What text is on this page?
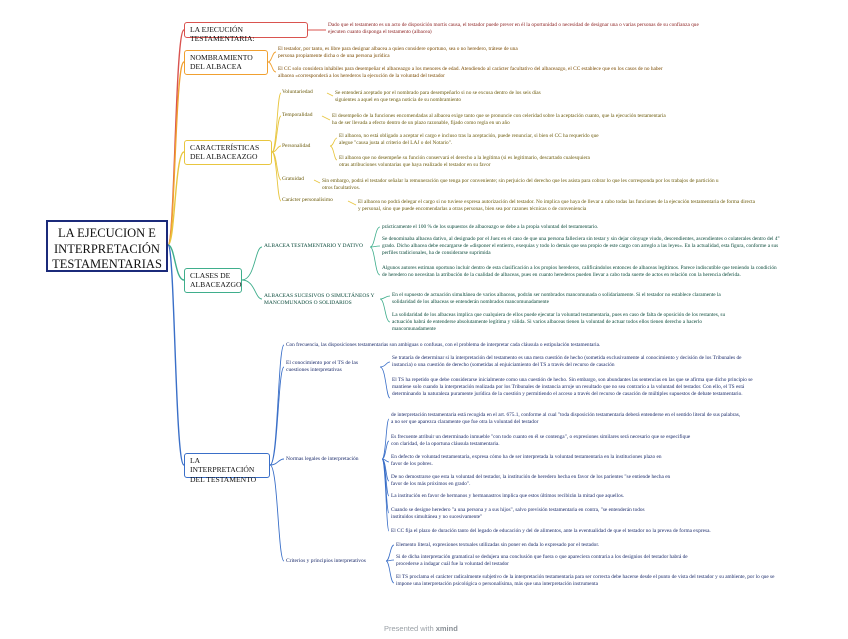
LA EJECUCION E
INTERPRETACIÓN
TESTAMENTARIAS
LA EJECUCIÓN TESTAMENTARIA:
Dado que el testamento es un acto de disposición mortis causa, el testador puede prever en él la oportunidad o necesidad de designar una o varias personas de su confianza que ejecuten cuanto disponga el testamento (albacea)
NOMBRAMIENTO
DEL ALBACEA
El testador, por tanto, es libre para designar albacea a quien considere oportuno, sea o no heredero, trátese de una persona propiamente dicha o de una persona jurídica
El CC solo considera inhábiles para desempeñar el albaceazgo a los menores de edad. Atendiendo al carácter facultativo del albaceazgo, el CC establece que en los casos de no haber albacea «corresponderá a los herederos la ejecución de la voluntad del testador
CARACTERÍSTICAS
DEL ALBACEAZGO
Voluntariedad	Se entenderá aceptado por el nombrado para desempeñarlo si no se excusa dentro de los seis días siguientes a aquel en que tenga noticia de su nombramiento
Temporalidad	El desempeño de la funciones encomendadas al albacea exige tanto que se pronuncie con celeridad sobre la aceptación cuanto, que la ejecución testamentaria ha de ser llevada a efecto dentro de un plazo razonable, fijado como regla en un año
Personalidad
El albacea, no está obligado a aceptar el cargo e incluso tras la aceptación, puede renunciar, si bien el CC ha requerido que alegue "causa justa al criterio del LAJ o del Notario".
El albacea que no desempeñe su función conservará el derecho a la legítima (si es legitimario, descartado cualesquiera otras atribuciones voluntarias que haya realizado el testador en su favor
Gratuidad	Sin embargo, podrá el testador señalar la remuneración que tenga por conveniente; sin perjuicio del derecho que les asista para cobrar lo que les corresponda por los trabajos de partición u otros facultativos.
Carácter personalísimo	El albacea no podrá delegar el cargo si no tuviese expresa autorización del testador. No implica que haya de llevar a cabo todas las funciones de la ejecución testamentaria de forma directa y personal, sino que puede encomendarlas a otras personas, bien sea por razones técnicas o de conveniencia
CLASES DE
ALBACEAZGO
ALBACEA TESTAMENTARIO Y DATIVO
prácticamente el 100 % de los supuestos de albaceazgo se debe a la propia voluntad del testamentario.
Se denominaba albacea dativo, al designado por el Juez en el caso de que una persona falleciera sin testar y sin dejar cónyuge viudo, descendientes, ascendientes o colaterales dentro del 4° grado. Dicho albacea debe encargarse de «disponer el entierro, exequias y todo lo demás que sea propio de este cargo con arreglo a las leyes». En la actualidad, esta figura, conforme a sus perfiles tradicionales, ha de considerarse suprimida
Algunos autores estiman oportuno incluir dentro de esta clasificación a los propios herederos, calificándolos entonces de albaceas legítimos. Parece indiscutible que teniendo la condición de heredero no necesitan la atribución de la cualidad de albaceas, pues en cuanto herederos pueden llevar a cabo toda suerte de actos en relación con la herencia deferida.
ALBACEAS SUCESIVOS O SIMULTÁNEOS Y MANCOMUNADOS O SOLIDARIOS
En el supuesto de actuación simultánea de varios albaceas, podrán ser nombrados mancomunada o solidariamente. Si el testador no establece claramente la solidaridad de los albaceas se entenderán nombrados mancomunadamente
La solidaridad de los albaceas implica que cualquiera de ellos puede ejecutar la voluntad testamentaria, pues en caso de falta de oposición de los restantes, su actuación habrá de entenderse absolutamente legítima y válida. Si varios albaceas tienen la voluntad de actuar todos ellos tienen derecho a hacerlo mancomunadamente
LA INTERPRETACIÓN
DEL TESTAMENTO
Con frecuencia, las disposiciones testamentarias son ambiguas o confusas, con el problema de interpretar cada cláusula o estipulación testamentaria.
El conocimiento por el TS de las cuestiones interpretativas
Se trataría de determinar si la interpretación del testamento es una mera cuestión de hecho (sometida exclusivamente al conocimiento y decisión de los Tribunales de instancia) o una cuestión de derecho (sometidas al enjuiciamiento del TS a través del recurso de casación
El TS ha repetido que debe considerarse inicialmente como una cuestión de hecho. Sin embargo, son abundantes las sentencias en las que se afirma que dicho principio se mantiene solo cuando la interpretación realizada por los Tribunales de instancia arroje un resultado que no sea contrario a la voluntad del testador. Con ello, el TS está determinando la naturaleza puramente jurídica de la cuestión y permitiendo el acceso a través del recurso de casación de múltiples supuestos de debate testamentario.
Normas legales de interpretación
de interpretación testamentaria está recogida en el art. 675.1, conforme al cual "toda disposición testamentaria deberá entenderse en el sentido literal de sus palabras, a no ser que aparezca claramente que fue otra la voluntad del testador
Es frecuente atribuir un determinado inmueble "con todo cuanto en él se contenga", o expresiones similares será necesario que se especifique con claridad, de la oportuna cláusula testamentaria.
En defecto de voluntad testamentaria, expresa cómo ha de ser interpretada la voluntad testamentaria en la instituciones plazo en favor de los pobres.
De no demostrarse que esta la voluntad del testador, la institución de heredero hecha en favor de los parientes "se entiende hecha en favor de los más próximos en grado".
La institución en favor de hermanos y hermanastros implica que estos últimos recibirán la mitad que aquellos.
Cuando se designe heredero "a una persona y a sus hijos", salvo previsión testamentaria en contra, "se entenderán todos instituidos simultánea y no sucesivamente"
El CC fija el plazo de duración tanto del legado de educación y del de alimentos, ante la eventualidad de que el testador no la prevea de forma expresa.
Criterios y principios interpretativos
Elemento literal, expresiones textuales utilizadas sin poner en duda lo expresado por el testador.
Si de dicha interpretación gramatical se dedujera una conclusión que fuera o que apareciera contraria a los designios del testador habrá de procederse a indagar cuál fue la voluntad del testador
El TS proclama el carácter radicalmente subjetivo de la interpretación testamentaria para ser correcta debe hacerse desde el punto de vista del testador y su ambiente, por lo que se impone una interpretación psicológica o personalísima, más que una interpretación instrumenta
Presented with xmind
